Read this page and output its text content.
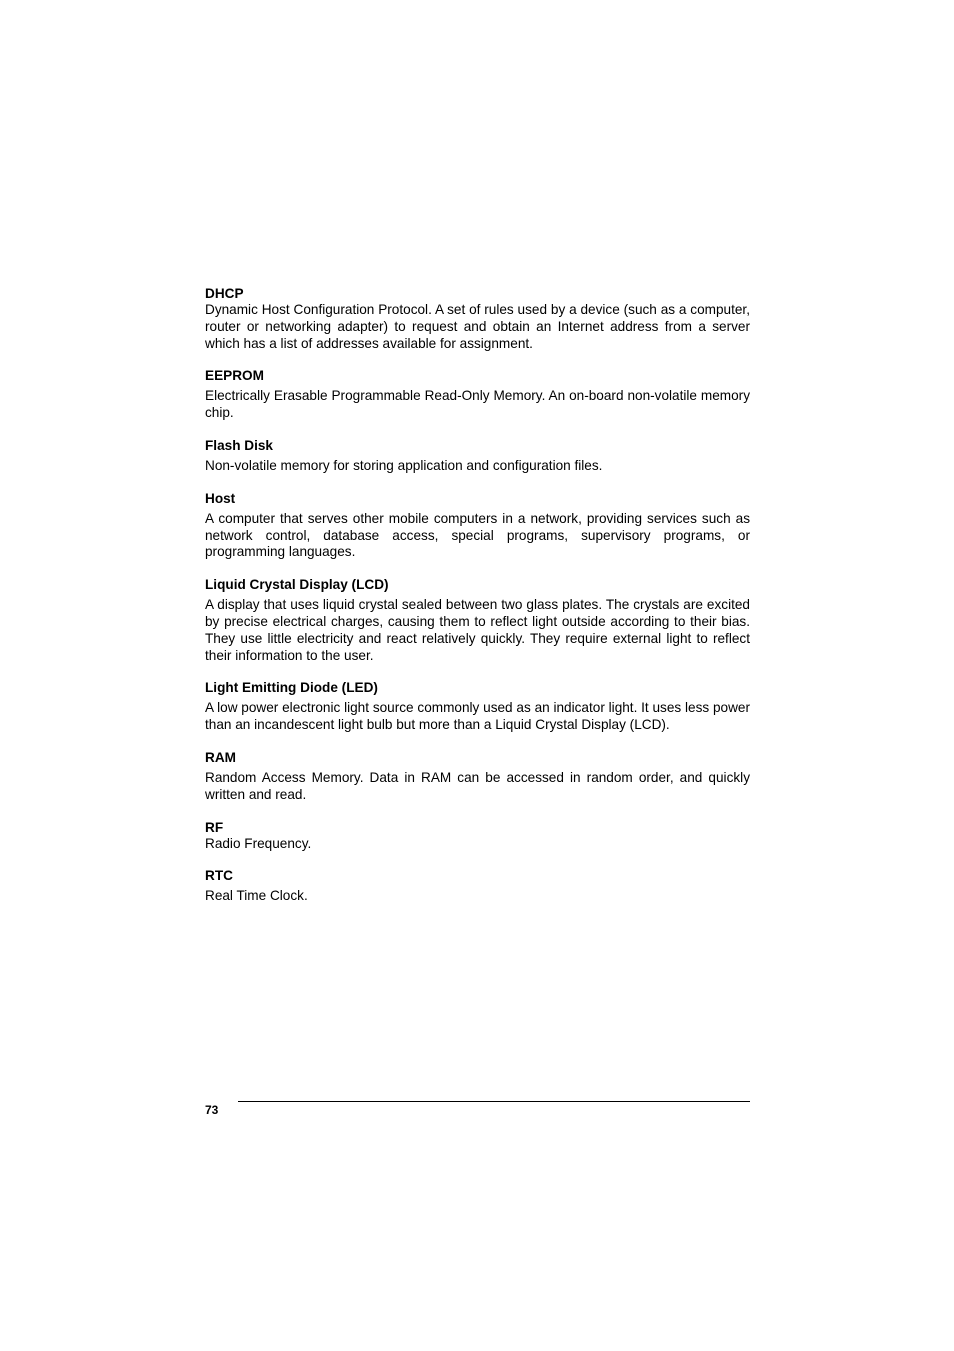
DHCP

Dynamic Host Configuration Protocol. A set of rules used by a device (such as a computer, router or networking adapter) to request and obtain an Internet address from a server which has a list of addresses available for assignment.

EEPROM

Electrically Erasable Programmable Read-Only Memory. An on-board non-volatile memory chip.

Flash Disk

Non-volatile memory for storing application and configuration files.

Host

A computer that serves other mobile computers in a network, providing services such as network control, database access, special programs, supervisory programs, or programming languages.

Liquid Crystal Display (LCD)

A display that uses liquid crystal sealed between two glass plates. The crystals are excited by precise electrical charges, causing them to reflect light outside according to their bias. They use little electricity and react relatively quickly. They require external light to reflect their information to the user.

Light Emitting Diode (LED)

A low power electronic light source commonly used as an indicator light. It uses less power than an incandescent light bulb but more than a Liquid Crystal Display (LCD).

RAM

Random Access Memory. Data in RAM can be accessed in random order, and quickly written and read.

RF

Radio Frequency.

RTC

Real Time Clock.

73
